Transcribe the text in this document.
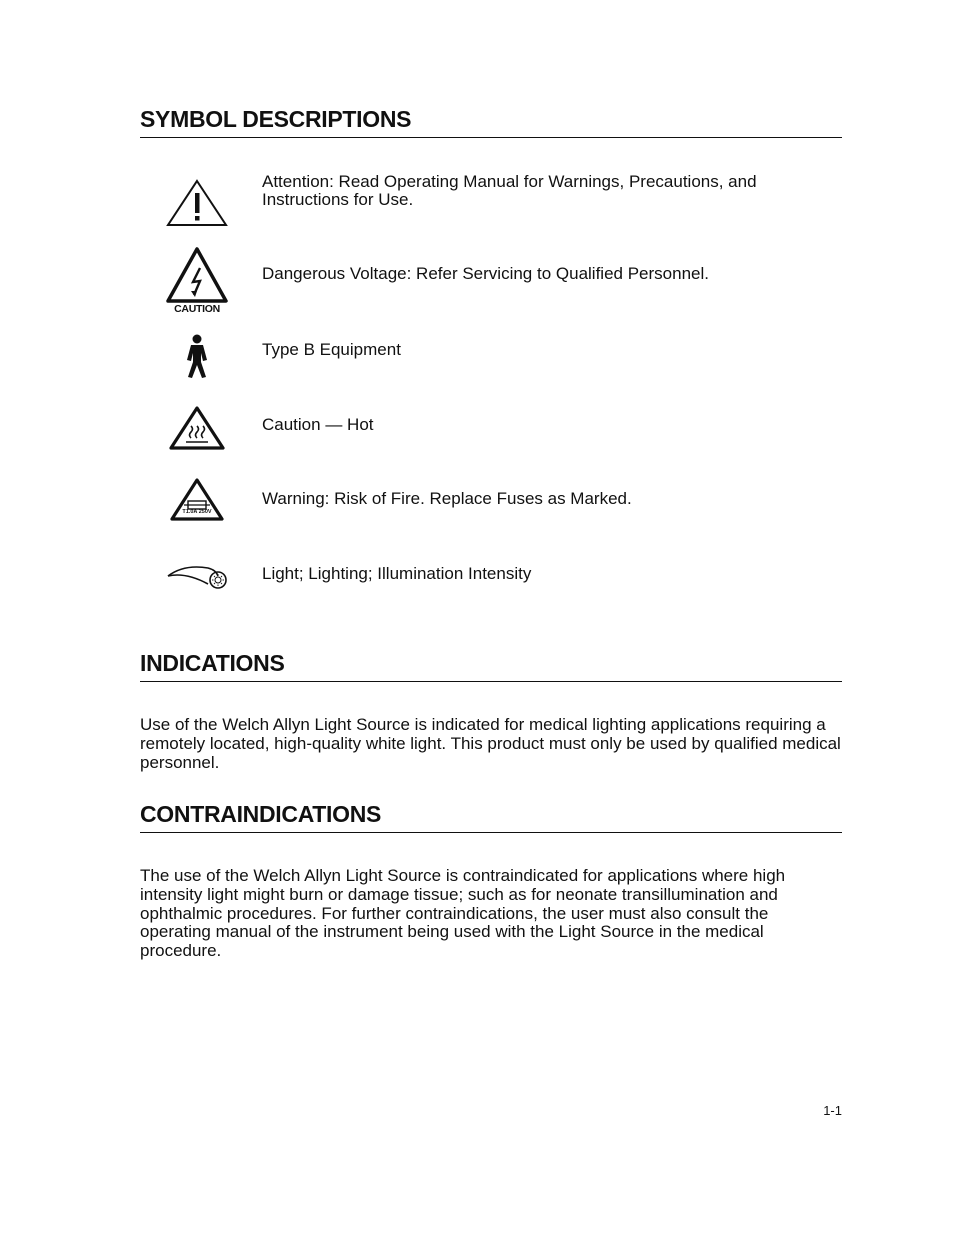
SYMBOL DESCRIPTIONS
Attention: Read Operating Manual for Warnings, Precautions, and Instructions for Use.
CAUTION
Dangerous Voltage: Refer Servicing to Qualified Personnel.
Type B Equipment
Caution — Hot
T1.0A 250V
Warning: Risk of Fire. Replace Fuses as Marked.
Light; Lighting; Illumination Intensity
INDICATIONS

Use of the Welch Allyn Light Source is indicated for medical lighting applications requiring a remotely located, high-quality white light. This product must only be used by qualified medical personnel.

CONTRAINDICATIONS

The use of the Welch Allyn Light Source is contraindicated for applications where high intensity light might burn or damage tissue; such as for neonate transillumination and ophthalmic procedures. For further contraindications, the user must also consult the operating manual of the instrument being used with the Light Source in the medical procedure.

1-1
